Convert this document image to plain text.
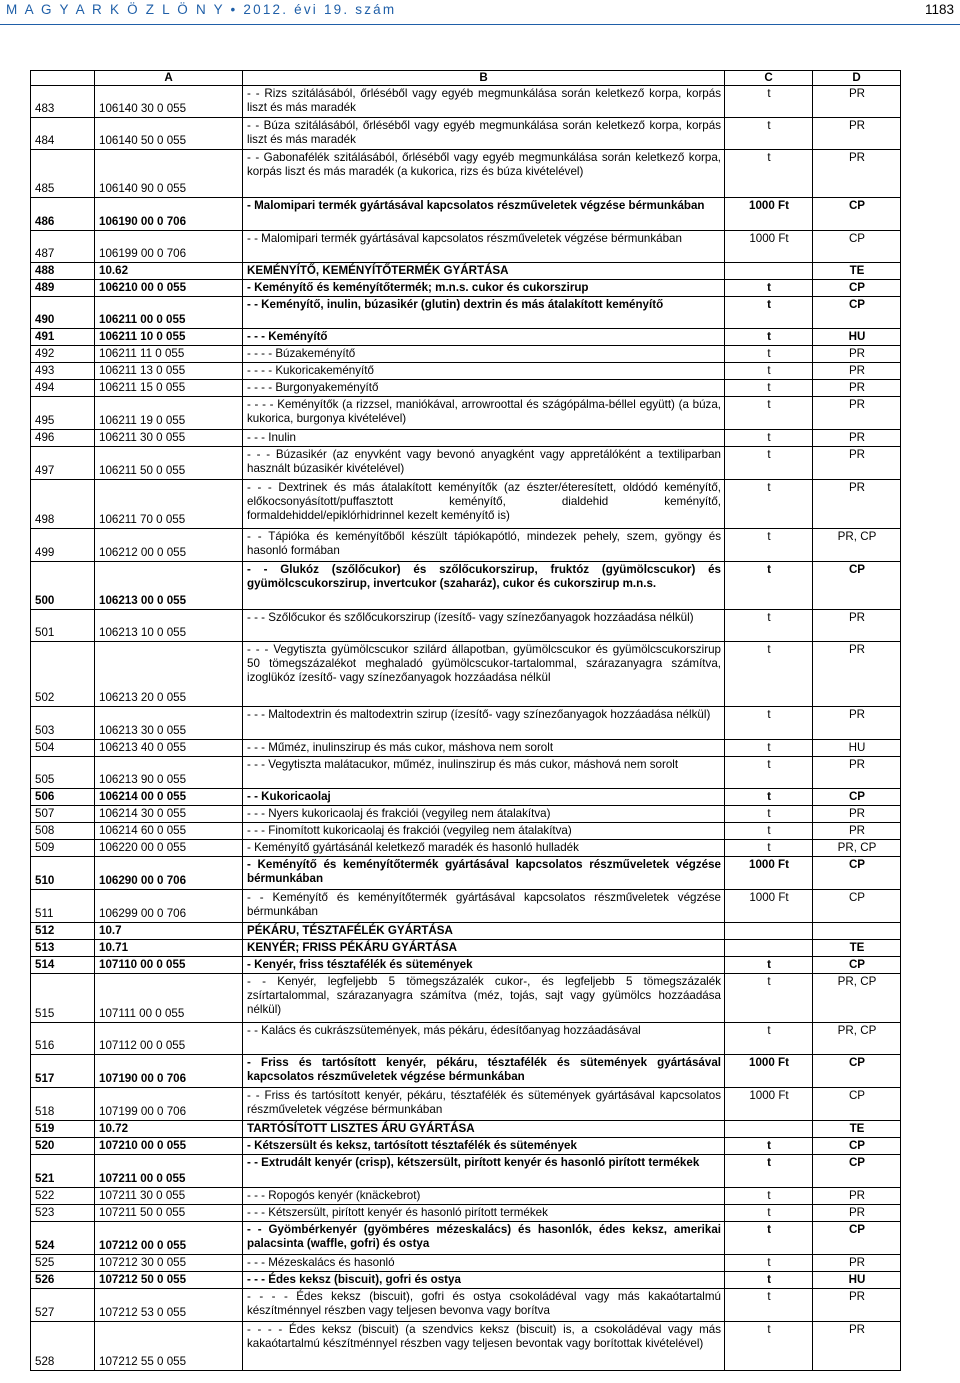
M A G Y A R K Ö Z L Ö N Y • 2012. évi 19. szám	1183
	A	B	C	D
483	106140 30 0 055	- - Rizs szitálásából, őrléséből vagy egyéb megmunkálása során keletkező korpa, korpás liszt és más maradék	t	PR
484	106140 50 0 055	- - Búza szitálásából, őrléséből vagy egyéb megmunkálása során keletkező korpa, korpás liszt és más maradék	t	PR
485	106140 90 0 055	- - Gabonafélék szitálásából, őrléséből vagy egyéb megmunkálása során keletkező korpa, korpás liszt és más maradék (a kukorica, rizs és búza kivételével)	t	PR
486	106190 00 0 706	- Malomipari termék gyártásával kapcsolatos részműveletek végzése bérmunkában	1000 Ft	CP
487	106199 00 0 706	- - Malomipari termék gyártásával kapcsolatos részműveletek végzése bérmunkában	1000 Ft	CP
488	10.62	KEMÉNYÍTŐ, KEMÉNYÍTŐTERMÉK GYÁRTÁSA		TE
489	106210 00 0 055	- Keményítő és keményítőtermék; m.n.s. cukor és cukorszirup	t	CP
490	106211 00 0 055	- - Keményítő, inulin, búzasikér (glutin) dextrin és más átalakított keményítő	t	CP
491	106211 10 0 055	- - - Keményítő	t	HU
492	106211 11 0 055	- - - - Búzakeményítő	t	PR
493	106211 13 0 055	- - - - Kukoricakeményítő	t	PR
494	106211 15 0 055	- - - - Burgonyakeményítő	t	PR
495	106211 19 0 055	- - - - Keményítők (a rizzsel, maniókával, arrowroottal és szágópálma-béllel együtt) (a búza, kukorica, burgonya kivételével)	t	PR
496	106211 30 0 055	- - - Inulin	t	PR
497	106211 50 0 055	- - - Búzasikér (az enyvként vagy bevonó anyagként vagy appretálóként a textiliparban használt búzasikér kivételével)	t	PR
498	106211 70 0 055	- - - Dextrinek és más átalakított keményítők (az észter/éteresített, oldódó keményítő, előkocsonyásított/puffasztott keményítő, dialdehid keményítő, formaldehiddel/epiklórhidrinnel kezelt keményítő is)	t	PR
499	106212 00 0 055	- - Tápióka és keményítőből készült tápiókapótló, mindezek pehely, szem, gyöngy és hasonló formában	t	PR, CP
500	106213 00 0 055	- - Glukóz (szőlőcukor) és szőlőcukorszirup, fruktóz (gyümölcscukor) és gyümölcscukorszirup, invertcukor (szaharáz), cukor és cukorszirup m.n.s.	t	CP
501	106213 10 0 055	- - - Szőlőcukor és szőlőcukorszirup (ízesítő- vagy színezőanyagok hozzáadása nélkül)	t	PR
502	106213 20 0 055	- - - Vegytiszta gyümölcscukor szilárd állapotban, gyümölcscukor és gyümölcscukorszirup 50 tömegszázalékot meghaladó gyümölcscukor-tartalommal, szárazanyagra számítva, izoglükóz ízesítő- vagy színezőanyagok hozzáadása nélkül	t	PR
503	106213 30 0 055	- - - Maltodextrin és maltodextrin szirup (ízesítő- vagy színezőanyagok hozzáadása nélkül)	t	PR
504	106213 40 0 055	- - - Műméz, inulinszirup és más cukor, máshova nem sorolt	t	HU
505	106213 90 0 055	- - - Vegytiszta malátacukor, műméz, inulinszirup és más cukor, máshová nem sorolt	t	PR
506	106214 00 0 055	- - Kukoricaolaj	t	CP
507	106214 30 0 055	- - - Nyers kukoricaolaj és frakciói (vegyileg nem átalakítva)	t	PR
508	106214 60 0 055	- - - Finomított kukoricaolaj és frakciói (vegyileg nem átalakítva)	t	PR
509	106220 00 0 055	- Keményítő gyártásánál keletkező maradék és hasonló hulladék	t	PR, CP
510	106290 00 0 706	- Keményítő és keményítőtermék gyártásával kapcsolatos részműveletek végzése bérmunkában	1000 Ft	CP
511	106299 00 0 706	- - Keményítő és keményítőtermék gyártásával kapcsolatos részműveletek végzése bérmunkában	1000 Ft	CP
512	10.7	PÉKÁRU, TÉSZTAFÉLÉK GYÁRTÁSA		
513	10.71	KENYÉR; FRISS PÉKÁRU GYÁRTÁSA		TE
514	107110 00 0 055	- Kenyér, friss tésztafélék és sütemények	t	CP
515	107111 00 0 055	- - Kenyér, legfeljebb 5 tömegszázalék cukor-, és legfeljebb 5 tömegszázalék zsírtartalommal, szárazanyagra számítva (méz, tojás, sajt vagy gyümölcs hozzáadása nélkül)	t	PR, CP
516	107112 00 0 055	- - Kalács és cukrászsütemények, más pékáru, édesítőanyag hozzáadásával	t	PR, CP
517	107190 00 0 706	- Friss és tartósított kenyér, pékáru, tésztafélék és sütemények gyártásával kapcsolatos részműveletek végzése bérmunkában	1000 Ft	CP
518	107199 00 0 706	- - Friss és tartósított kenyér, pékáru, tésztafélék és sütemények gyártásával kapcsolatos részműveletek végzése bérmunkában	1000 Ft	CP
519	10.72	TARTÓSÍTOTT LISZTES ÁRU GYÁRTÁSA		TE
520	107210 00 0 055	- Kétszersült és keksz, tartósított tésztafélék és sütemények	t	CP
521	107211 00 0 055	- - Extrudált kenyér (crisp), kétszersült, pirított kenyér és hasonló pirított termékek	t	CP
522	107211 30 0 055	- - - Ropogós kenyér (knäckebrot)	t	PR
523	107211 50 0 055	- - - Kétszersült, pirított kenyér és hasonló pirított termékek	t	PR
524	107212 00 0 055	- - Gyömbérkenyér (gyömbéres mézeskalács) és hasonlók, édes keksz, amerikai palacsinta (waffle, gofri) és ostya	t	CP
525	107212 30 0 055	- - - Mézeskalács és hasonló	t	PR
526	107212 50 0 055	- - - Édes keksz (biscuit), gofri és ostya	t	HU
527	107212 53 0 055	- - - - Édes keksz (biscuit), gofri és ostya csokoládéval vagy más kakaótartalmú készítménnyel részben vagy teljesen bevonva vagy borítva	t	PR
528	107212 55 0 055	- - - - Édes keksz (biscuit) (a szendvics keksz (biscuit) is, a csokoládéval vagy más kakaótartalmú készítménnyel részben vagy teljesen bevontak vagy borítottak kivételével)	t	PR
